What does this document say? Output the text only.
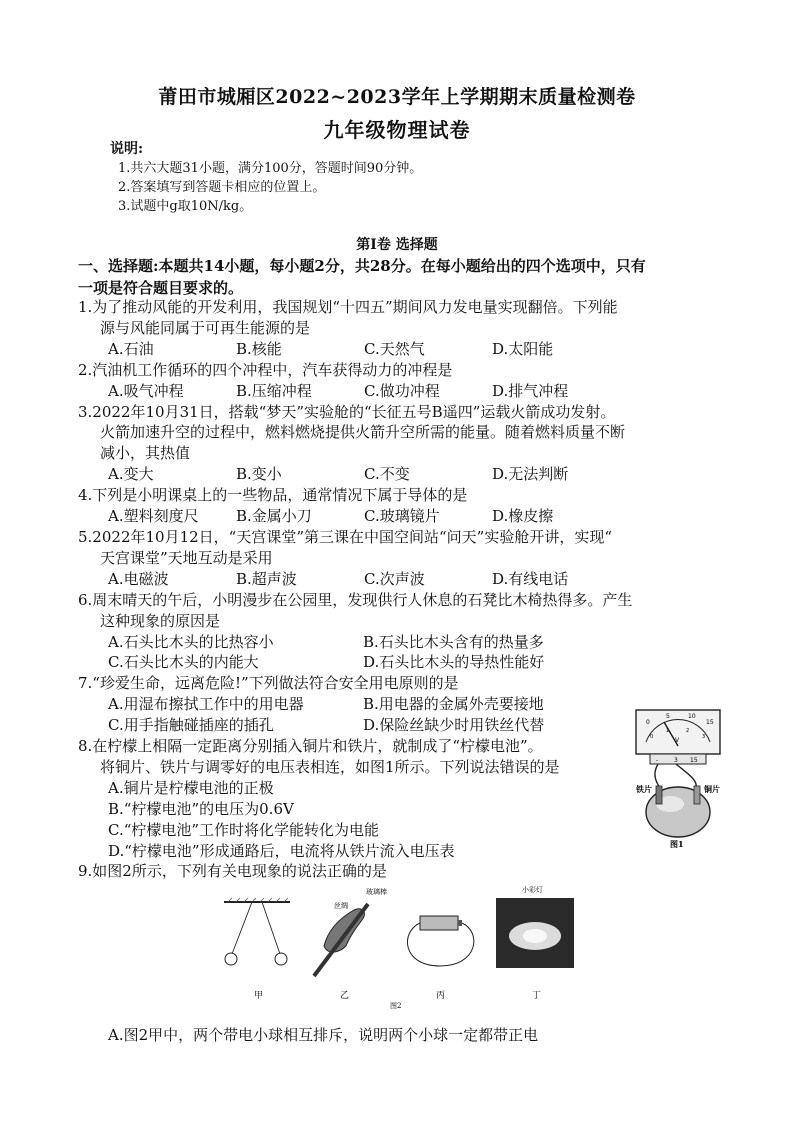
莆田市城厢区2022~2023学年上学期期末质量检测卷
九年级物理试卷
说明:
1.共六大题31小题，满分100分，答题时间90分钟。
2.答案填写到答题卡相应的位置上。
3.试题中g取10N/kg。
第I卷 选择题
一、选择题:本题共14小题，每小题2分，共28分。在每小题给出的四个选项中，只有
一项是符合题目要求的。
1.为了推动风能的开发利用，我国规划“十四五”期间风力发电量实现翻倍。下列能
源与风能同属于可再生能源的是
A.石油	B.核能	C.天然气	D.太阳能
2.汽油机工作循环的四个冲程中，汽车获得动力的冲程是
A.吸气冲程	B.压缩冲程	C.做功冲程	D.排气冲程
3.2022年10月31日，搭载“梦天”实验舱的“长征五号B遥四”运载火箭成功发射。
火箭加速升空的过程中，燃料燃烧提供火箭升空所需的能量。随着燃料质量不断
减小，其热值
A.变大	B.变小	C.不变	D.无法判断
4.下列是小明课桌上的一些物品，通常情况下属于导体的是
A.塑料刻度尺	B.金属小刀	C.玻璃镜片	D.橡皮擦
5.2022年10月12日，“天宫课堂”第三课在中国空间站“问天”实验舱开讲，实现“
天宫课堂”天地互动是采用
A.电磁波	B.超声波	C.次声波	D.有线电话
6.周末晴天的午后，小明漫步在公园里，发现供行人休息的石凳比木椅热得多。产生
这种现象的原因是
A.石头比木头的比热容小	B.石头比木头含有的热量多
C.石头比木头的内能大	D.石头比木头的导热性能好
7.“珍爱生命，远离危险!”下列做法符合安全用电原则的是
A.用湿布擦拭工作中的用电器	B.用电器的金属外壳要接地
C.用手指触碰插座的插孔	D.保险丝缺少时用铁丝代替
8.在柠檬上相隔一定距离分别插入铜片和铁片，就制成了“柠檬电池”。
将铜片、铁片与调零好的电压表相连，如图1所示。下列说法错误的是
A.铜片是柠檬电池的正极
B.“柠檬电池”的电压为0.6V
C.“柠檬电池”工作时将化学能转化为电能
D.“柠檬电池”形成通路后，电流将从铁片流入电压表
9.如图2所示，下列有关电现象的说法正确的是
0
5	10
15
0
1	2
3
V
-	3 15
铁片	铜片
图1
甲
丝绸
玻璃棒
乙	丙
小彩灯
丁
图2
A.图2甲中，两个带电小球相互排斥，说明两个小球一定都带正电
